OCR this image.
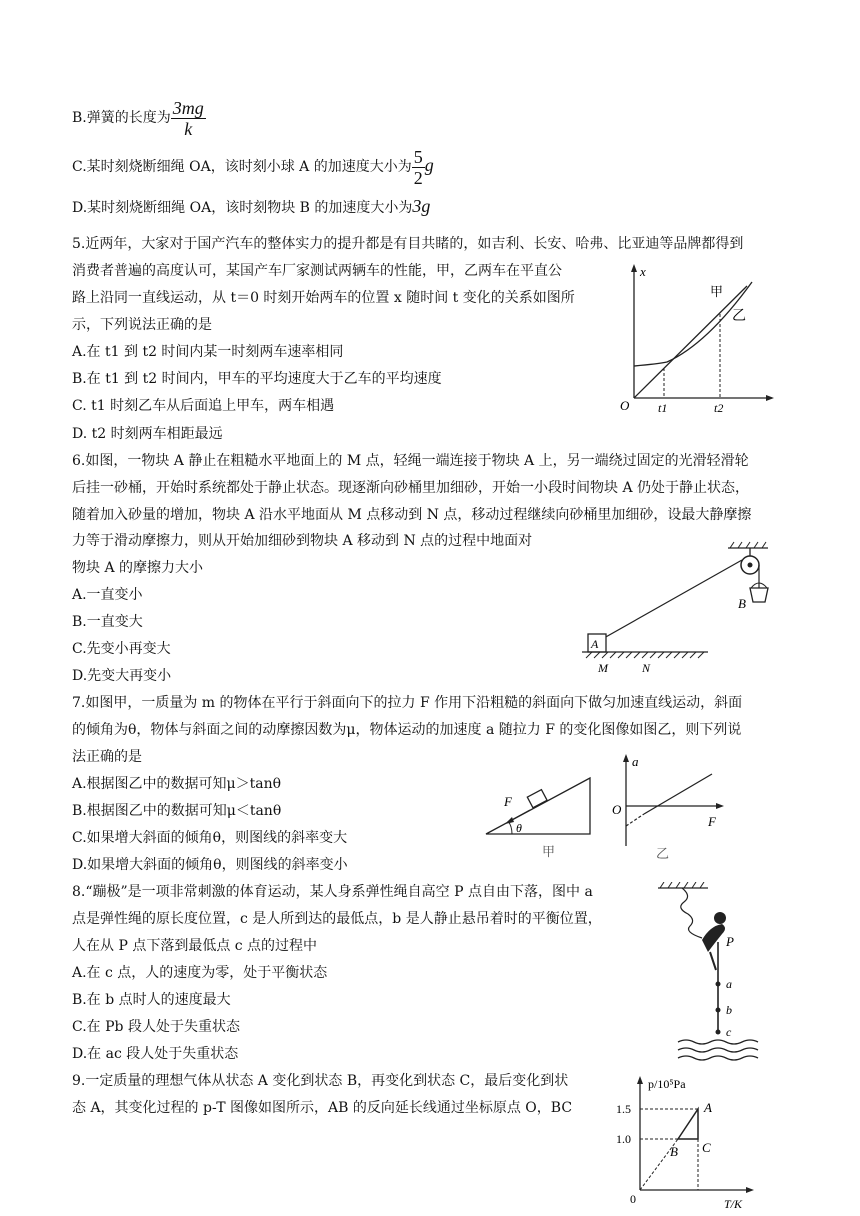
B.弹簧的长度为 $\frac{3mg}{k}$
C.某时刻烧断细绳 OA，该时刻小球 A 的加速度大小为 $\frac{5}{2}$ g
D.某时刻烧断细绳 OA，该时刻物块 B 的加速度大小为3g
5.近两年，大家对于国产汽车的整体实力的提升都是有目共睹的，如吉利、长安、哈弗、比亚迪等品牌都得到
消费者普遍的高度认可，某国产车厂家测试两辆车的性能，甲，乙两车在平直公
路上沿同一直线运动，从 t＝0 时刻开始两车的位置 x 随时间 t 变化的关系如图所
示，下列说法正确的是
A.在 t1 到 t2 时间内某一时刻两车速率相同
B.在 t1 到 t2 时间内，甲车的平均速度大于乙车的平均速度
C. t1 时刻乙车从后面追上甲车，两车相遇
D. t2 时刻两车相距最远
x
甲
乙
O t1	t2
6.如图，一物块 A 静止在粗糙水平地面上的 M 点，轻绳一端连接于物块 A 上，另一端绕过固定的光滑轻滑轮
后挂一砂桶，开始时系统都处于静止状态。现逐渐向砂桶里加细砂，开始一小段时间物块 A 仍处于静止状态，
随着加入砂量的增加，物块 A 沿水平地面从 M 点移动到 N 点，移动过程继续向砂桶里加细砂，设最大静摩擦
力等于滑动摩擦力，则从开始加细砂到物块 A 移动到 N 点的过程中地面对
物块 A 的摩擦力大小
A.一直变小
B.一直变大
C.先变小再变大
D.先变大再变小
B
A
M	N
7.如图甲，一质量为 m 的物体在平行于斜面向下的拉力 F 作用下沿粗糙的斜面向下做匀加速直线运动，斜面
的倾角为θ，物体与斜面之间的动摩擦因数为μ，物体运动的加速度 a 随拉力 F 的变化图像如图乙，则下列说
法正确的是
A.根据图乙中的数据可知μ＞tanθ
B.根据图乙中的数据可知μ＜tanθ
C.如果增大斜面的倾角θ，则图线的斜率变大
D.如果增大斜面的倾角θ，则图线的斜率变小
F
θ
甲
a
O
F
乙
8.“蹦极”是一项非常刺激的体育运动，某人身系弹性绳自高空 P 点自由下落，图中 a
点是弹性绳的原长度位置，c 是人所到达的最低点，b 是人静止悬吊着时的平衡位置，
人在从 P 点下落到最低点 c 点的过程中
A.在 c 点，人的速度为零，处于平衡状态
B.在 b 点时人的速度最大
C.在 Pb 段人处于失重状态
D.在 ac 段人处于失重状态
P
a
b
c
9.一定质量的理想气体从状态 A 变化到状态 B，再变化到状态 C，最后变化到状
态 A，其变化过程的 p-T 图像如图所示，AB 的反向延长线通过坐标原点 O，BC
p/10⁵Pa
1.5
1.0
0	T/K
A
B C
